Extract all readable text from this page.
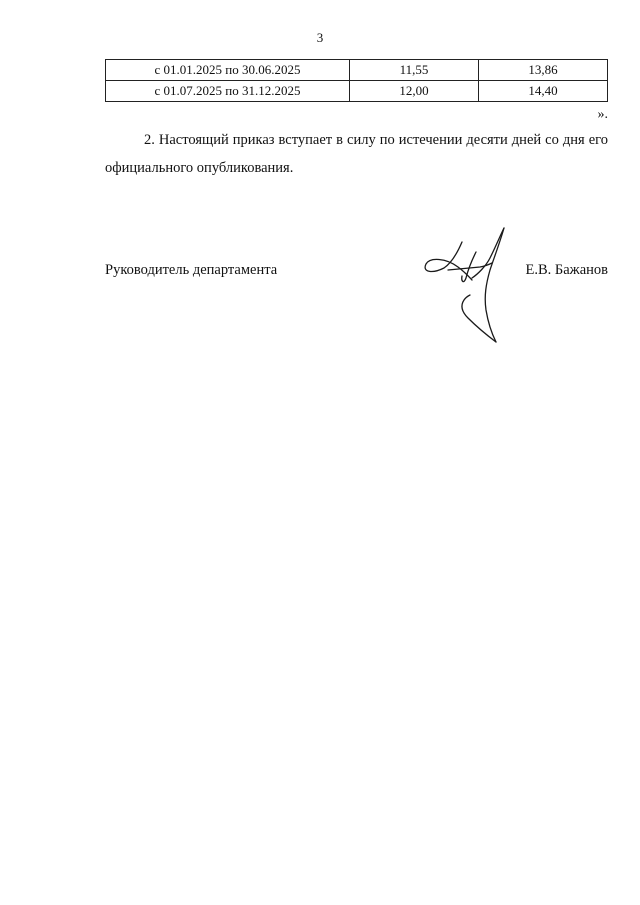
3
с 01.01.2025 по 30.06.2025	11,55	13,86
с 01.07.2025 по 31.12.2025	12,00	14,40
».

2. Настоящий приказ вступает в силу по истечении десяти дней со дня его официального опубликования.

Руководитель департамента	Е.В. Бажанов
